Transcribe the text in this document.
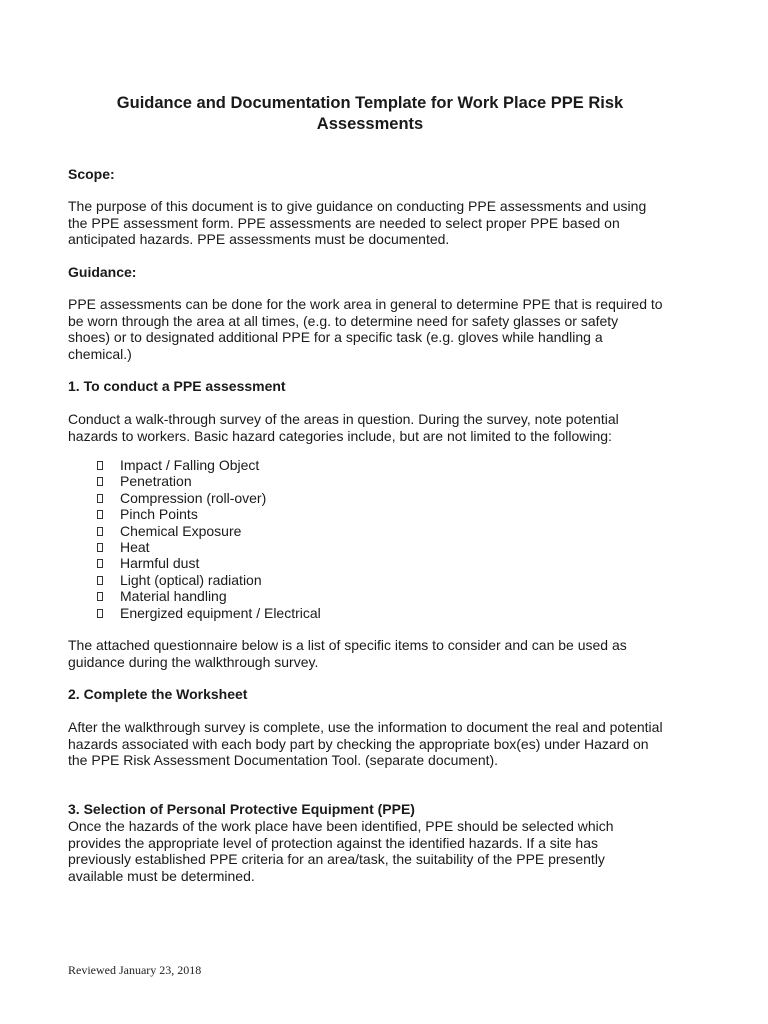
Guidance and Documentation Template for Work Place PPE Risk
Assessments
Scope:

The purpose of this document is to give guidance on conducting PPE assessments and using
the PPE assessment form. PPE assessments are needed to select proper PPE based on
anticipated hazards. PPE assessments must be documented.

Guidance:

PPE assessments can be done for the work area in general to determine PPE that is required to
be worn through the area at all times, (e.g. to determine need for safety glasses or safety
shoes) or to designated additional PPE for a specific task (e.g. gloves while handling a
chemical.)

1. To conduct a PPE assessment

Conduct a walk-through survey of the areas in question. During the survey, note potential
hazards to workers. Basic hazard categories include, but are not limited to the following:

Impact / Falling Object
Penetration
Compression (roll-over)
Pinch Points
Chemical Exposure
Heat
Harmful dust
Light (optical) radiation
Material handling
Energized equipment / Electrical

The attached questionnaire below is a list of specific items to consider and can be used as
guidance during the walkthrough survey.

2. Complete the Worksheet

After the walkthrough survey is complete, use the information to document the real and potential
hazards associated with each body part by checking the appropriate box(es) under Hazard on
the PPE Risk Assessment Documentation Tool. (separate document).

3. Selection of Personal Protective Equipment (PPE)

Once the hazards of the work place have been identified, PPE should be selected which
provides the appropriate level of protection against the identified hazards. If a site has
previously established PPE criteria for an area/task, the suitability of the PPE presently
available must be determined.

Reviewed January 23, 2018
